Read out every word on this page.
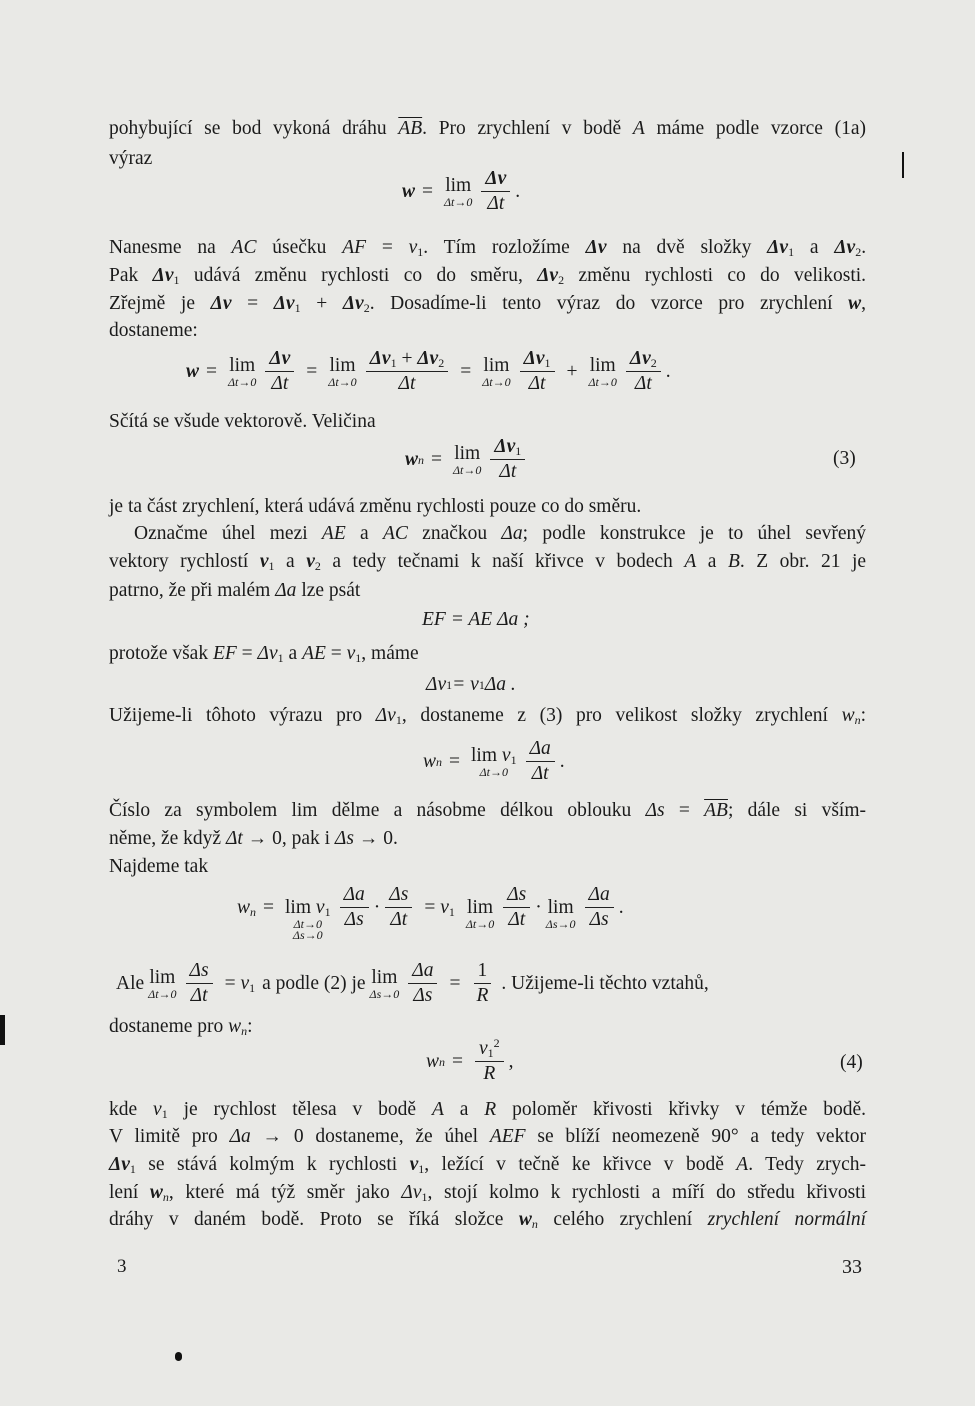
pohybující se bod vykoná dráhu $\overline{AB}$. Pro zrychlení v bodě A máme podle vzorce (1a)
výraz
w = lim
$\Delta t\to 0 \frac{\Delta v}{\Delta t}$ .
Nanesme na AC úsečku AF = $v_1$. Tím rozložíme Δv na dvě složky $\Delta v_1$ a $\Delta v_2$.
Pak $\Delta v_1$ udává změnu rychlosti co do směru, $\Delta v_2$ změnu rychlosti co do velikosti.
Zřejmě je $\Delta v = \Delta v_1 + \Delta v_2$. Dosadíme-li tento výraz do vzorce pro zrychlení w,
dostaneme:
w = lim
$\Delta t\to 0 \frac{\Delta v}{\Delta t} = \lim$
$\Delta t\to 0 \frac{\Delta v_1 + \Delta v_2}{\Delta t} = \lim$
$\Delta t\to 0 \frac{\Delta v_1}{\Delta t} + \lim$
$\Delta t\to 0 \frac{\Delta v_2}{\Delta t}$ .
Sčítá se všude vektorově. Veličina
w n = lim
$\Delta t\to 0 \frac{\Delta v_1}{\Delta t}$	(3)
je ta část zrychlení, která udává změnu rychlosti pouze co do směru.
Označme úhel mezi AE a AC značkou Δa; podle konstrukce je to úhel sevřený
vektory rychlostí $v_1$ a $v_2$ a tedy tečnami k naší křivce v bodech A a B. Z obr. 21 je
patrno, že při malém Δa lze psát
EF = AE Δa ;
protože však EF = $\Delta v_1$ a AE = $v_1$, máme
Δv 1 = v 1 Δa .
Užijeme-li tôhoto výrazu pro $\Delta v_1$, dostaneme z (3) pro velikost složky zrychlení $w_n$:
w $n = \lim v_1$
$\Delta t\to 0 \frac{\Delta a}{\Delta t}$ .
Číslo za symbolem lim dělme a násobme délkou oblouku $\Delta s = \overline{AB}$; dále si vším-
něme, že když Δt → 0, pak i Δs → 0.
Najdeme tak
$w_n = \lim v_1$
Δt→0
Δs→0
$\frac{\Delta a}{\Delta s} \cdot \frac{\Delta s}{\Delta t} = v_1$ lim
$\Delta t\to 0 \frac{\Delta s}{\Delta t} \cdot \lim$
$\Delta s\to 0 \frac{\Delta a}{\Delta s}$ .
Ale lim
$\Delta t\to 0 \frac{\Delta s}{\Delta t} = v_1$ a podle (2) je lim
$\Delta s\to 0 \frac{\Delta a}{\Delta s} = \frac{1}{R}$ . Užijeme-li těchto vztahů,
dostaneme pro $w_n$:
w $n = \frac{v_1^2}{R}$ ,	(4)
kde $v_1$ je rychlost tělesa v bodě A a R poloměr křivosti křivky v témže bodě.
V limitě pro Δa → 0 dostaneme, že úhel AEF se blíží neomezeně 90° a tedy vektor
$\Delta v_1$ se stává kolmým k rychlosti $v_1$, ležící v tečně ke křivce v bodě A. Tedy zrych-
lení $w_n$, které má týž směr jako $\Delta v_1$, stojí kolmo k rychlosti a míří do středu křivosti
dráhy v daném bodě. Proto se říká složce $w_n$ celého zrychlení zrychlení normální
3	33
